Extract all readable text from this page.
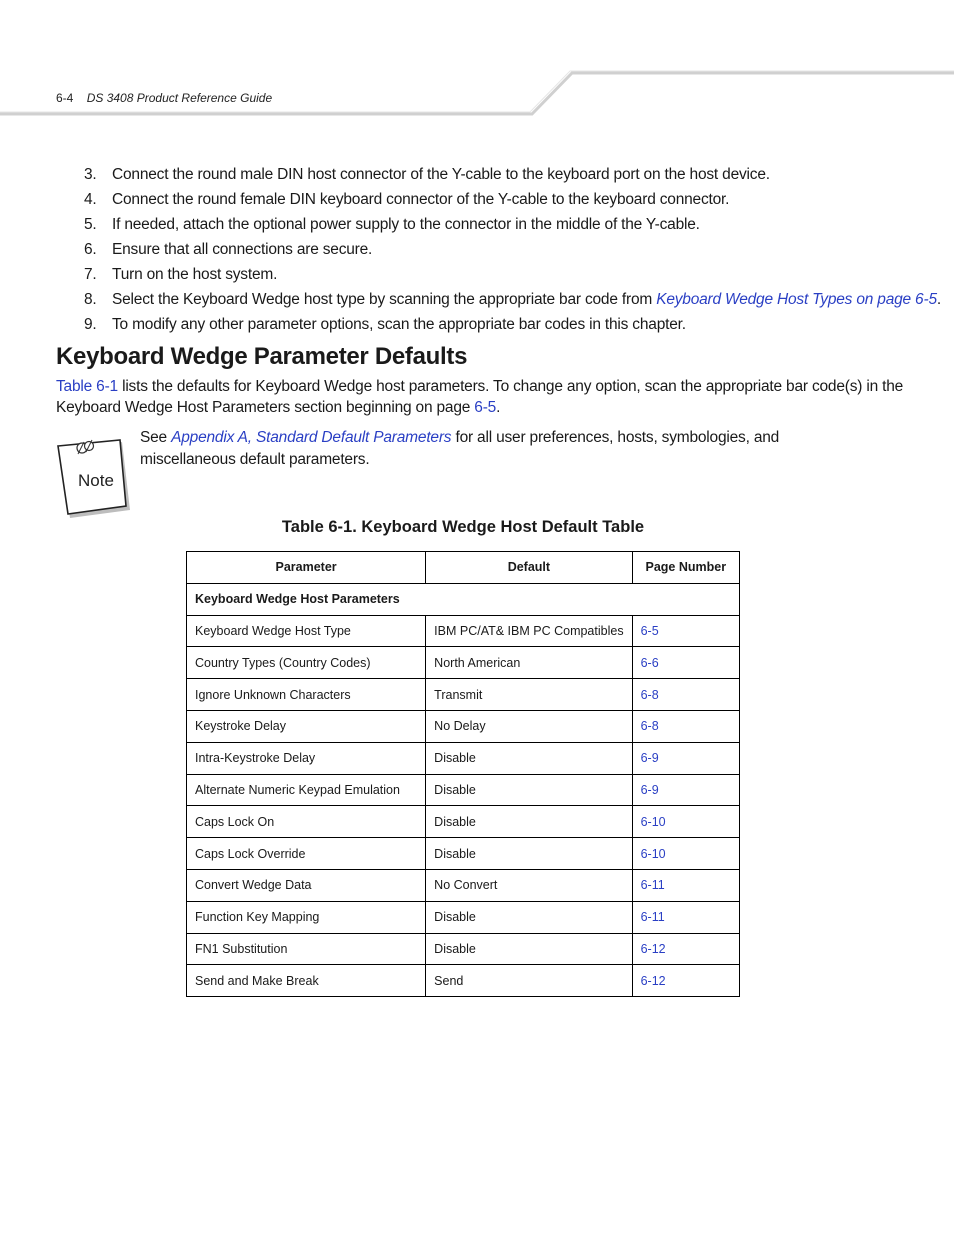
6-4 DS 3408 Product Reference Guide
3. Connect the round male DIN host connector of the Y-cable to the keyboard port on the host device.
4. Connect the round female DIN keyboard connector of the Y-cable to the keyboard connector.
5. If needed, attach the optional power supply to the connector in the middle of the Y-cable.
6. Ensure that all connections are secure.
7. Turn on the host system.
8. Select the Keyboard Wedge host type by scanning the appropriate bar code from Keyboard Wedge Host Types on page 6-5.
9. To modify any other parameter options, scan the appropriate bar codes in this chapter.
Keyboard Wedge Parameter Defaults

Table 6-1 lists the defaults for Keyboard Wedge host parameters. To change any option, scan the appropriate bar code(s) in the Keyboard Wedge Host Parameters section beginning on page 6-5.

Note

See Appendix A, Standard Default Parameters for all user preferences, hosts, symbologies, and miscellaneous default parameters.

Table 6-1. Keyboard Wedge Host Default Table

Parameter	Default	Page Number
Keyboard Wedge Host Parameters		
Keyboard Wedge Host Type	IBM PC/AT& IBM PC Compatibles	6-5
Country Types (Country Codes)	North American	6-6
Ignore Unknown Characters	Transmit	6-8
Keystroke Delay	No Delay	6-8
Intra-Keystroke Delay	Disable	6-9
Alternate Numeric Keypad Emulation	Disable	6-9
Caps Lock On	Disable	6-10
Caps Lock Override	Disable	6-10
Convert Wedge Data	No Convert	6-11
Function Key Mapping	Disable	6-11
FN1 Substitution	Disable	6-12
Send and Make Break	Send	6-12
